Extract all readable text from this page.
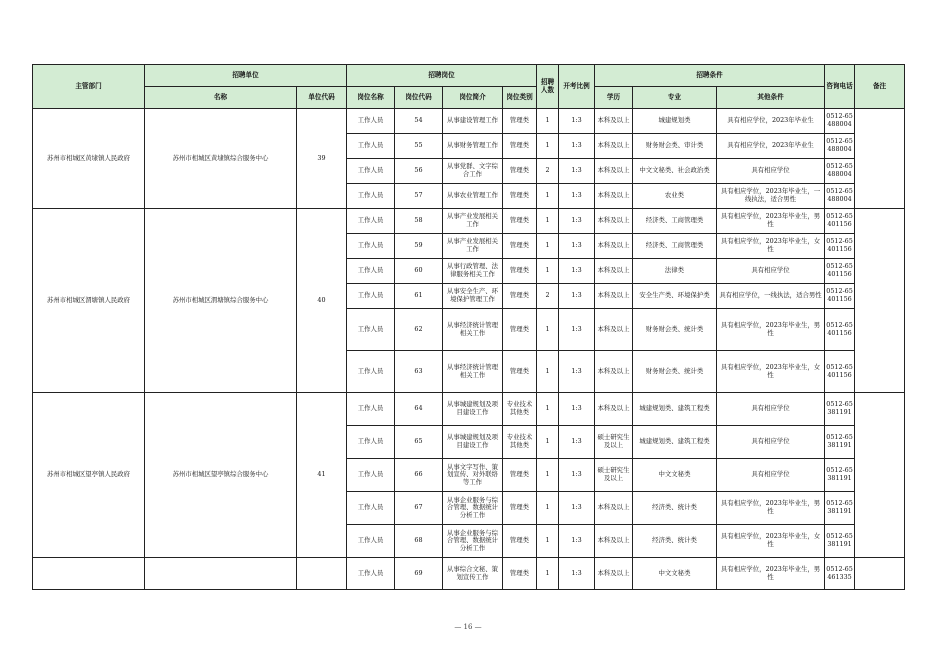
主管部门	招聘单位		招聘岗位				招聘人数	开考比例	招聘条件			咨询电话	备注
	名称	单位代码	岗位名称	岗位代码	岗位简介	岗位类别			学历	专业	其他条件		
苏州市相城区黄埭镇人民政府	苏州市相城区黄埭镇综合服务中心	39	工作人员	54	从事建设管理工作	管理类	1	1:3	本科及以上	城建规划类	具有相应学位，2023年毕业生	0512-65488004	
			工作人员	55	从事财务管理工作	管理类	1	1:3	本科及以上	财务财会类、审计类	具有相应学位，2023年毕业生	0512-65488004	
			工作人员	56	从事党群、文字综合工作	管理类	2	1:3	本科及以上	中文文秘类、社会政治类	具有相应学位	0512-65488004	
			工作人员	57	从事农业管理工作	管理类	1	1:3	本科及以上	农业类	具有相应学位，2023年毕业生，一线执法，适合男性	0512-65488004	
苏州市相城区渭塘镇人民政府	苏州市相城区渭塘镇综合服务中心	40	工作人员	58	从事产业发展相关工作	管理类	1	1:3	本科及以上	经济类、工商管理类	具有相应学位，2023年毕业生，男性	0512-65401156	
			工作人员	59	从事产业发展相关工作	管理类	1	1:3	本科及以上	经济类、工商管理类	具有相应学位，2023年毕业生，女性	0512-65401156	
			工作人员	60	从事行政管理、法律服务相关工作	管理类	1	1:3	本科及以上	法律类	具有相应学位	0512-65401156	
			工作人员	61	从事安全生产、环境保护管理工作	管理类	2	1:3	本科及以上	安全生产类、环境保护类	具有相应学位，一线执法，适合男性	0512-65401156	
			工作人员	62	从事经济统计管理相关工作	管理类	1	1:3	本科及以上	财务财会类、统计类	具有相应学位，2023年毕业生，男性	0512-65401156	
			工作人员	63	从事经济统计管理相关工作	管理类	1	1:3	本科及以上	财务财会类、统计类	具有相应学位，2023年毕业生，女性	0512-65401156	
苏州市相城区望亭镇人民政府	苏州市相城区望亭镇综合服务中心	41	工作人员	64	从事城建规划及项目建设工作	专业技术其他类	1	1:3	本科及以上	城建规划类、建筑工程类	具有相应学位	0512-65381191	
			工作人员	65	从事城建规划及项目建设工作	专业技术其他类	1	1:3	硕士研究生及以上	城建规划类、建筑工程类	具有相应学位	0512-65381191	
			工作人员	66	从事文字写作、策划宣传、对外联络等工作	管理类	1	1:3	硕士研究生及以上	中文文秘类	具有相应学位	0512-65381191	
			工作人员	67	从事企业服务与综合管理、数据统计分析工作	管理类	1	1:3	本科及以上	经济类、统计类	具有相应学位，2023年毕业生，男性	0512-65381191	
			工作人员	68	从事企业服务与综合管理、数据统计分析工作	管理类	1	1:3	本科及以上	经济类、统计类	具有相应学位，2023年毕业生，女性	0512-65381191	
			工作人员	69	从事综合文秘、策划宣传工作	管理类	1	1:3	本科及以上	中文文秘类	具有相应学位，2023年毕业生，男性	0512-65461335	
— 16 —
